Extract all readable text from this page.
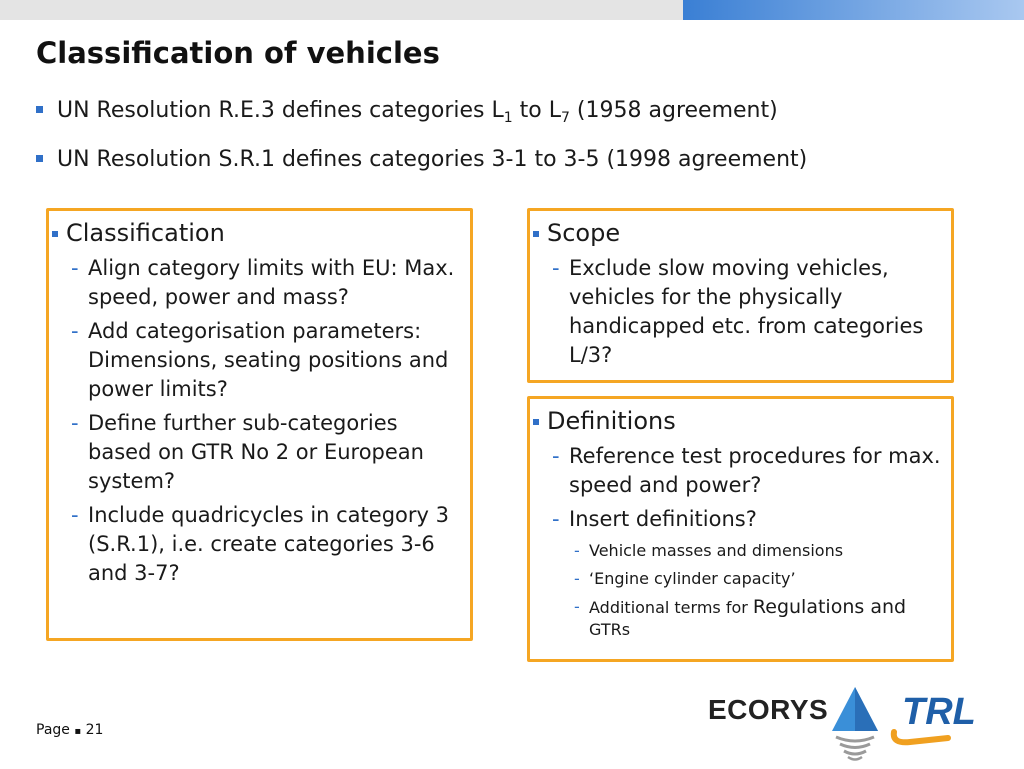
Classification of vehicles
UN Resolution R.E.3 defines categories $L_1$ to $L_7$ (1958 agreement)
UN Resolution S.R.1 defines categories 3-1 to 3-5 (1998 agreement)
Classification
- Align category limits with EU: Max. speed, power and mass?
- Add categorisation parameters: Dimensions, seating positions and power limits?
- Define further sub-categories based on GTR No 2 or European system?
- Include quadricycles in category 3 (S.R.1), i.e. create categories 3-6 and 3-7?
Scope
- Exclude slow moving vehicles, vehicles for the physically handicapped etc. from categories L/3?
Definitions
- Reference test procedures for max. speed and power?
- Insert definitions?
- Vehicle masses and dimensions
- ‘Engine cylinder capacity’
- Additional terms for Regulations and
GTRs
Page ▪ 21
ECORYS TRL
